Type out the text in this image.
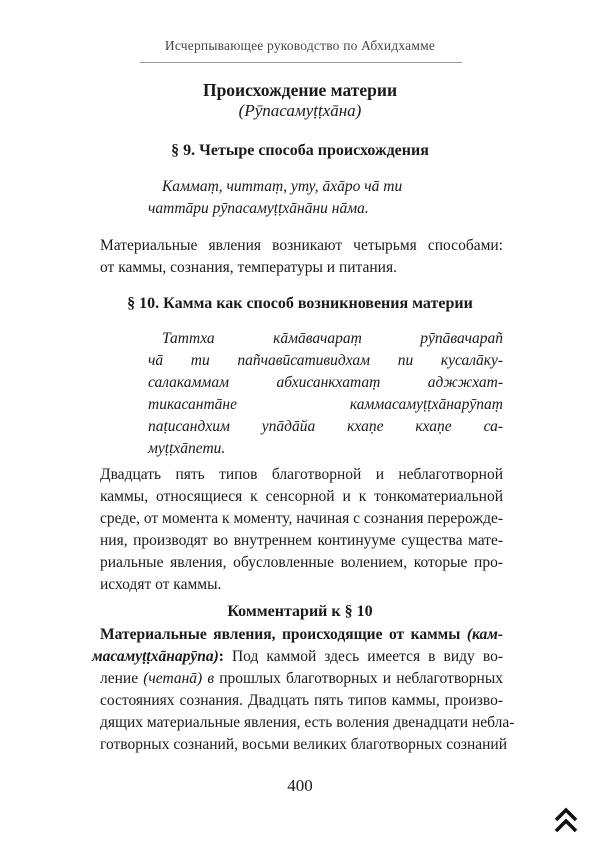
Исчерпывающее руководство по Абхидхамме
Происхождение материи
(Рӯпасамуṭṭхāна)
§ 9. Четыре способа происхождения
Каммаṃ, читтаṃ, уту, āхāро чā ти
чаттāри рӯпасамуṭṭхāнāни нāма.
Материальные явления возникают четырьмя способами:
от каммы, сознания, температуры и питания.
§ 10. Камма как способ возникновения материи
Таттха кāмāвачараṃ рӯпāвачараñ
чā ти пañчавӣсативидхам пи кусалāку-
салакаммам абхисанкхатаṃ аджжхат-
тикасантāне каммасамуṭṭхāнарӯпаṃ
паṭисандхим упāдāйа кхаṇе кхаṇе са-
муṭṭхāпети.
Двадцать пять типов благотворной и неблаготворной
каммы, относящиеся к сенсорной и к тонкоматериальной
среде, от момента к моменту, начиная с сознания перерожде-
ния, производят во внутреннем континууме существа мате-
риальные явления, обусловленные волением, которые про-
исходят от каммы.
Комментарий к § 10
Материальные явления, происходящие от каммы (кам-
масамуṭṭхāнарӯпа): Под каммой здесь имеется в виду во-
ление (четанā) в прошлых благотворных и неблаготворных
состояниях сознания. Двадцать пять типов каммы, произво-
дящих материальные явления, есть воления двенадцати небла-
готворных сознаний, восьми великих благотворных сознаний
400
